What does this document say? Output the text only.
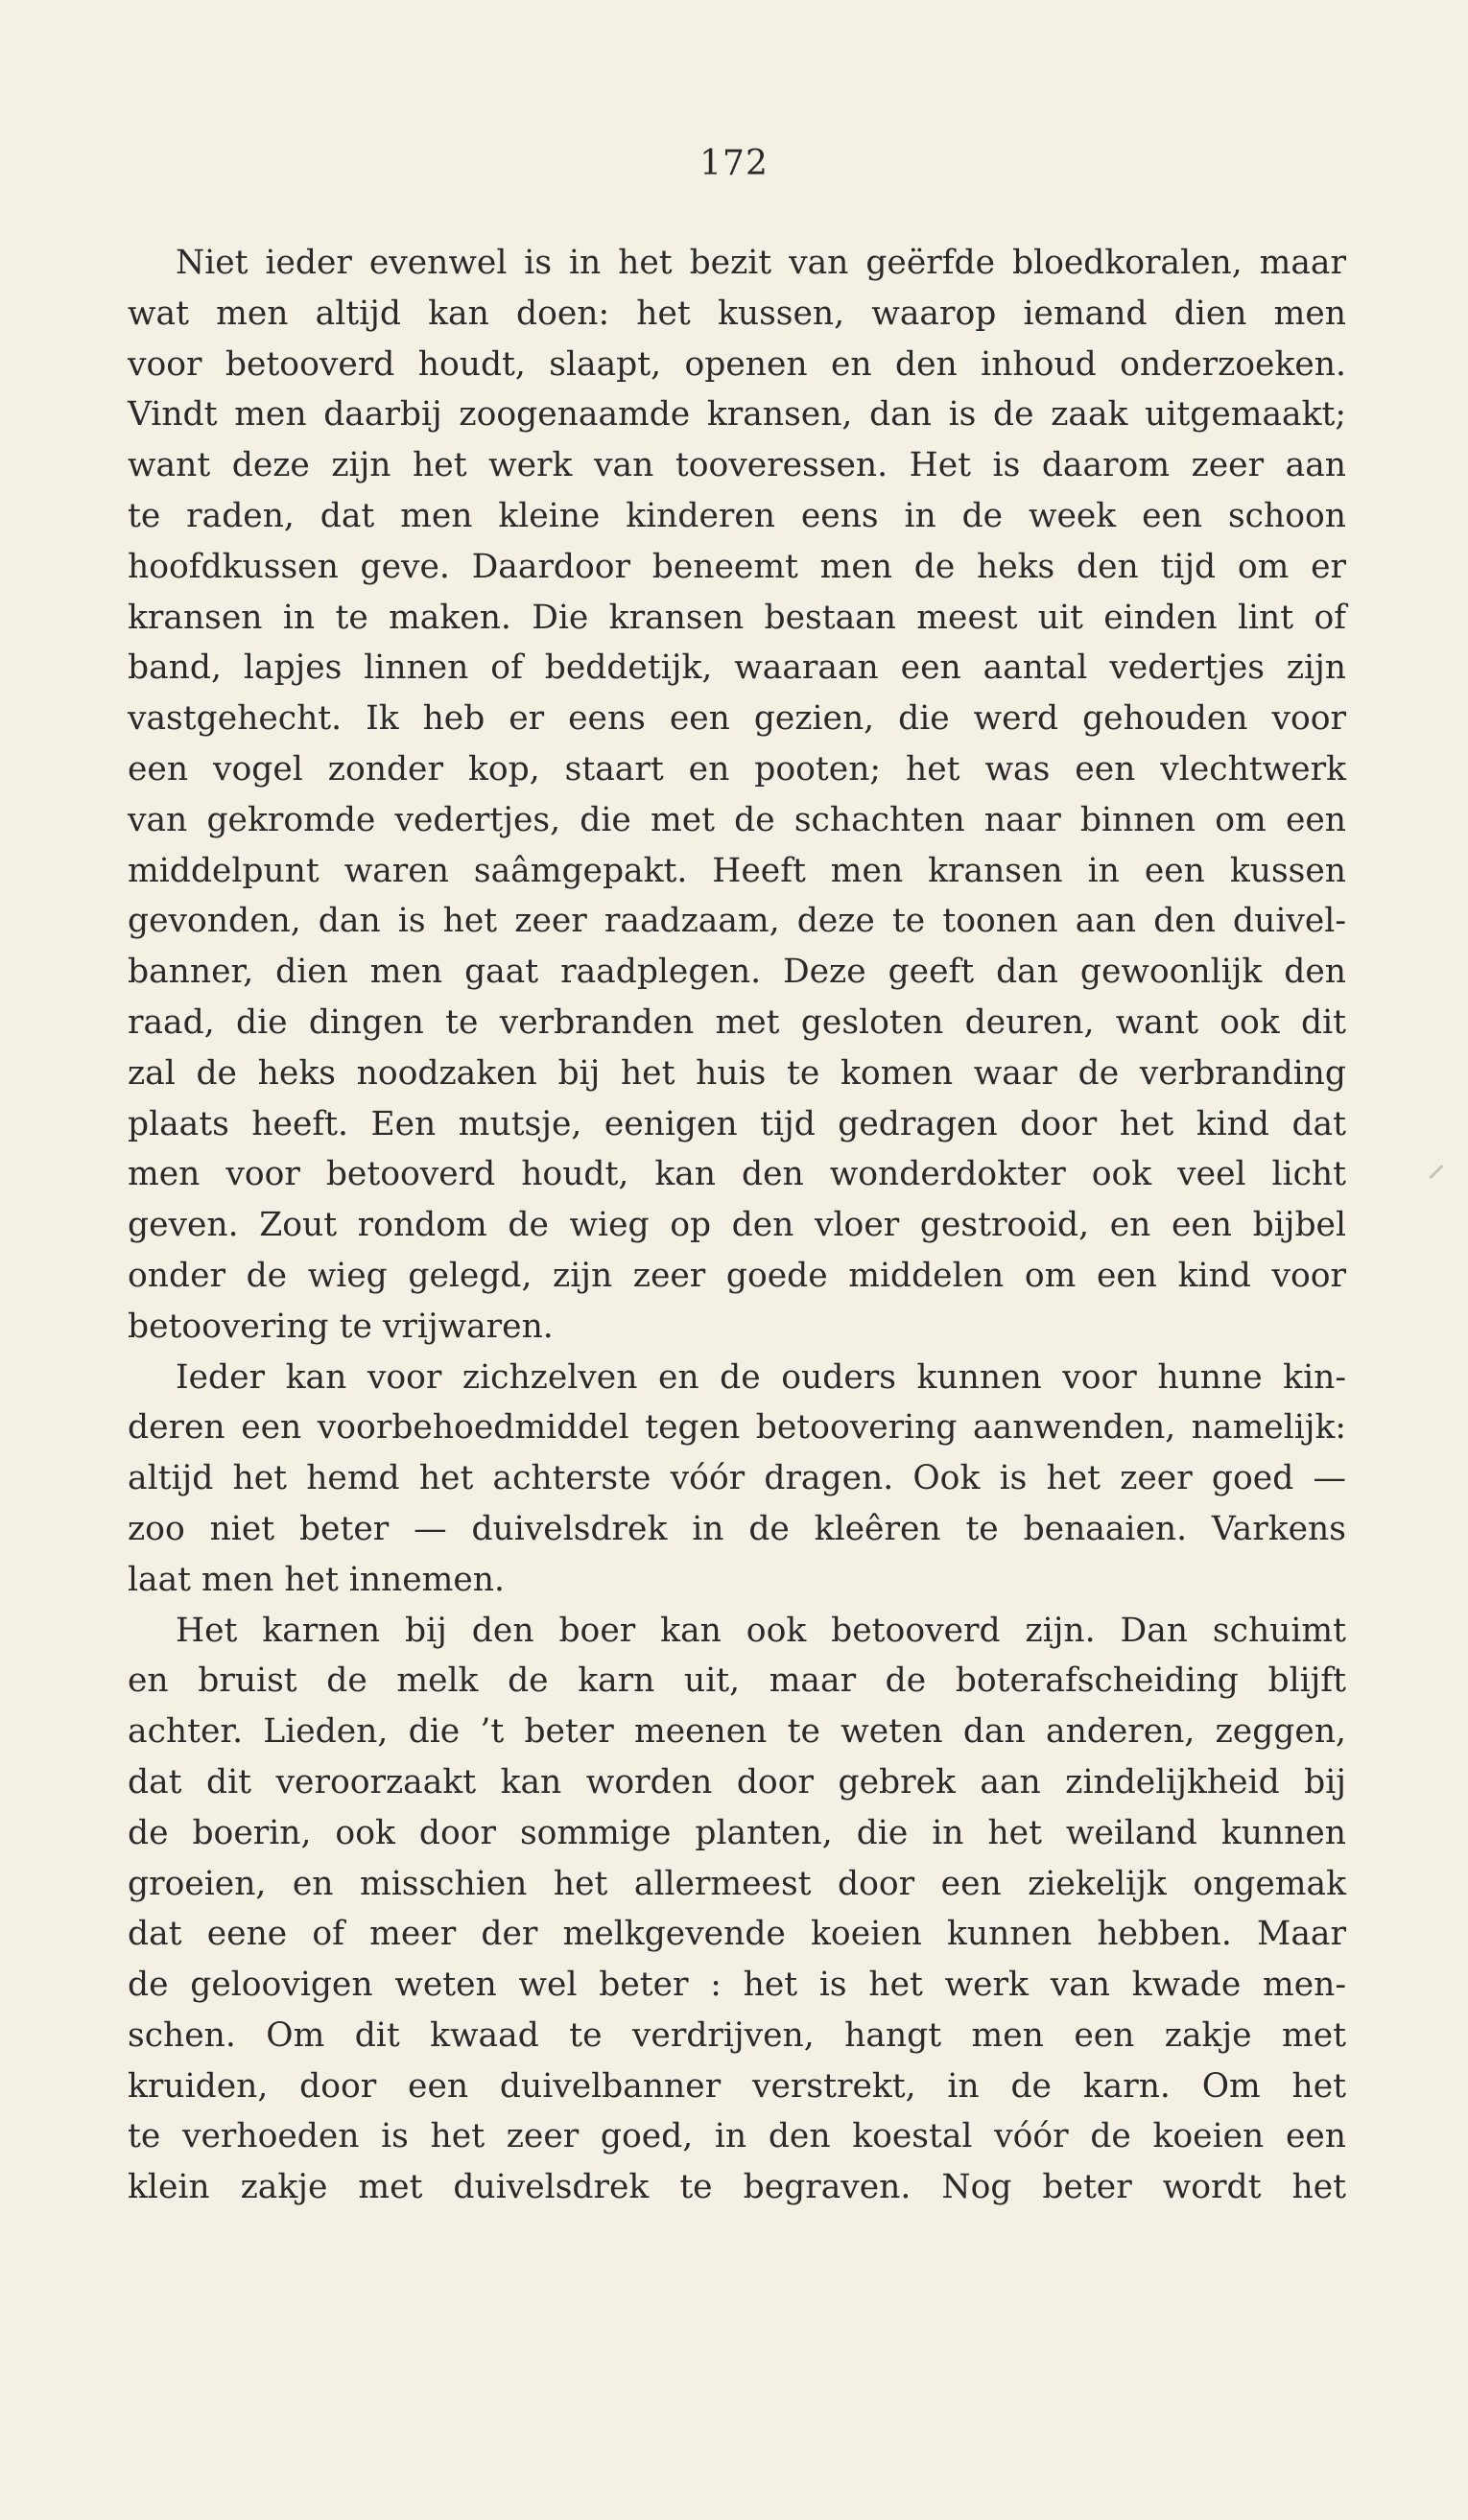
172
Niet ieder evenwel is in het bezit van geërfde bloedkoralen, maar
wat men altijd kan doen: het kussen, waarop iemand dien men
voor betooverd houdt, slaapt, openen en den inhoud onderzoeken.
Vindt men daarbij zoogenaamde kransen, dan is de zaak uitgemaakt;
want deze zijn het werk van tooveressen. Het is daarom zeer aan
te raden, dat men kleine kinderen eens in de week een schoon
hoofdkussen geve. Daardoor beneemt men de heks den tijd om er
kransen in te maken. Die kransen bestaan meest uit einden lint of
band, lapjes linnen of beddetijk, waaraan een aantal vedertjes zijn
vastgehecht. Ik heb er eens een gezien, die werd gehouden voor
een vogel zonder kop, staart en pooten; het was een vlechtwerk
van gekromde vedertjes, die met de schachten naar binnen om een
middelpunt waren saâmgepakt. Heeft men kransen in een kussen
gevonden, dan is het zeer raadzaam, deze te toonen aan den duivel-
banner, dien men gaat raadplegen. Deze geeft dan gewoonlijk den
raad, die dingen te verbranden met gesloten deuren, want ook dit
zal de heks noodzaken bij het huis te komen waar de verbranding
plaats heeft. Een mutsje, eenigen tijd gedragen door het kind dat
men voor betooverd houdt, kan den wonderdokter ook veel licht
geven. Zout rondom de wieg op den vloer gestrooid, en een bijbel
onder de wieg gelegd, zijn zeer goede middelen om een kind voor
betoovering te vrijwaren.
Ieder kan voor zichzelven en de ouders kunnen voor hunne kin-
deren een voorbehoedmiddel tegen betoovering aanwenden, namelijk:
altijd het hemd het achterste vóór dragen. Ook is het zeer goed —
zoo niet beter — duivelsdrek in de kleêren te benaaien. Varkens
laat men het innemen.
Het karnen bij den boer kan ook betooverd zijn. Dan schuimt
en bruist de melk de karn uit, maar de boterafscheiding blijft
achter. Lieden, die ’t beter meenen te weten dan anderen, zeggen,
dat dit veroorzaakt kan worden door gebrek aan zindelijkheid bij
de boerin, ook door sommige planten, die in het weiland kunnen
groeien, en misschien het allermeest door een ziekelijk ongemak
dat eene of meer der melkgevende koeien kunnen hebben. Maar
de geloovigen weten wel beter : het is het werk van kwade men-
schen. Om dit kwaad te verdrijven, hangt men een zakje met
kruiden, door een duivelbanner verstrekt, in de karn. Om het
te verhoeden is het zeer goed, in den koestal vóór de koeien een
klein zakje met duivelsdrek te begraven. Nog beter wordt het
